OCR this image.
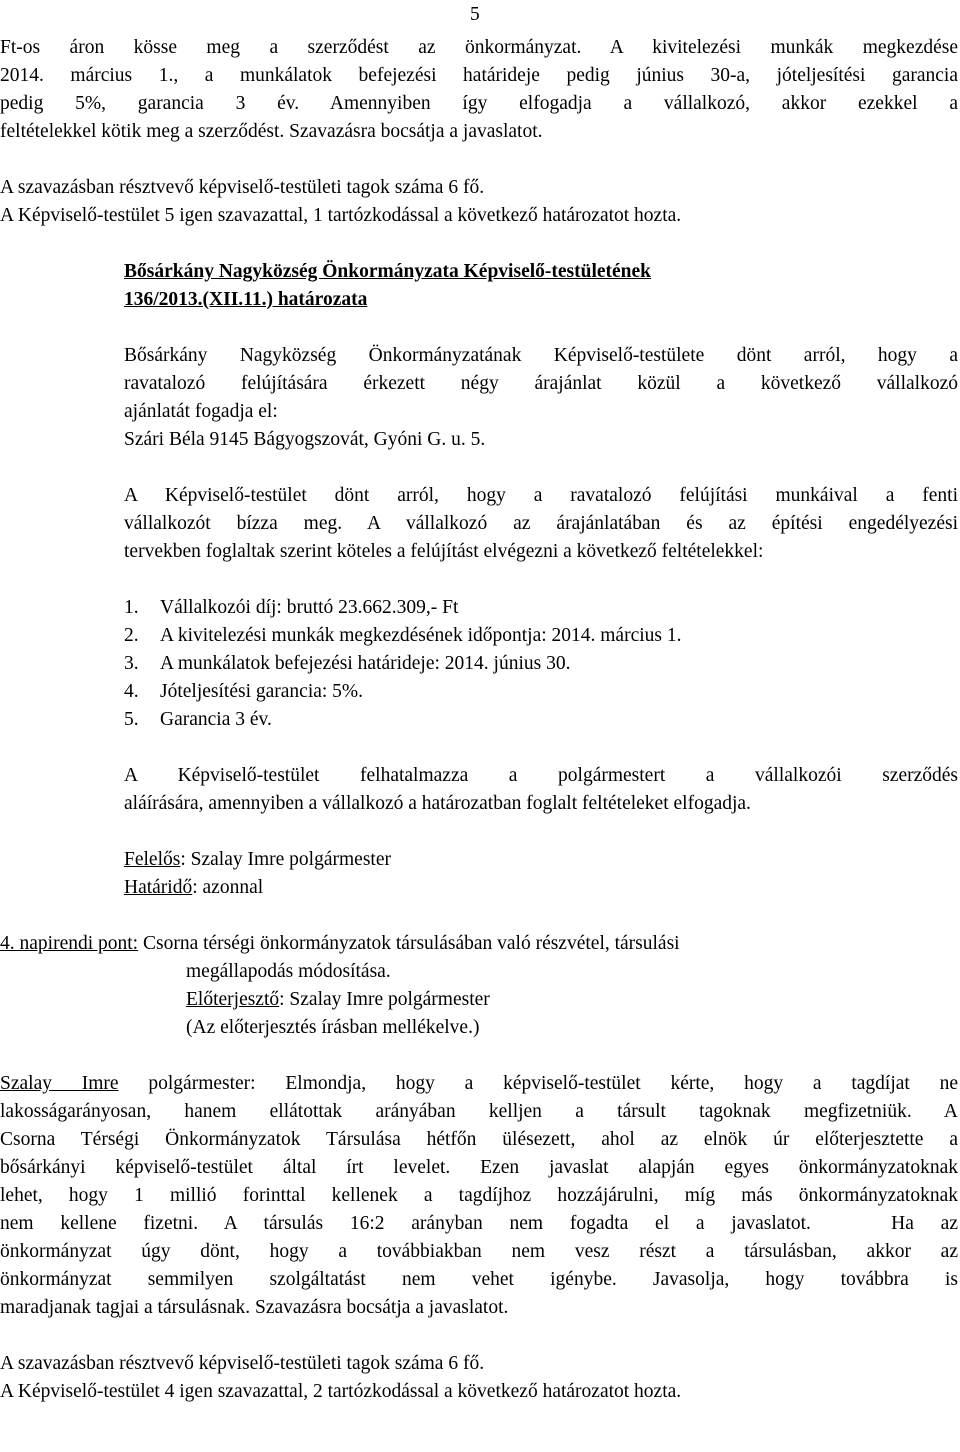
5
Ft-os áron kösse meg a szerződést az önkormányzat. A kivitelezési munkák megkezdése
2014. március 1., a munkálatok befejezési határideje pedig június 30-a, jóteljesítési garancia
pedig 5%, garancia 3 év. Amennyiben így elfogadja a vállalkozó, akkor ezekkel a
feltételekkel kötik meg a szerződést. Szavazásra bocsátja a javaslatot.
A szavazásban résztvevő képviselő-testületi tagok száma 6 fő.
A Képviselő-testület 5 igen szavazattal, 1 tartózkodással a következő határozatot hozta.
Bősárkány Nagyközség Önkormányzata Képviselő-testületének
136/2013.(XII.11.) határozata
Bősárkány Nagyközség Önkormányzatának Képviselő-testülete dönt arról, hogy a
ravatalozó felújítására érkezett négy árajánlat közül a következő vállalkozó
ajánlatát fogadja el:
Szári Béla 9145 Bágyogszovát, Gyóni G. u. 5.
A Képviselő-testület dönt arról, hogy a ravatalozó felújítási munkáival a fenti
vállalkozót bízza meg. A vállalkozó az árajánlatában és az építési engedélyezési
tervekben foglaltak szerint köteles a felújítást elvégezni a következő feltételekkel:
1. Vállalkozói díj: bruttó 23.662.309,- Ft
2. A kivitelezési munkák megkezdésének időpontja: 2014. március 1.
3. A munkálatok befejezési határideje: 2014. június 30.
4. Jóteljesítési garancia: 5%.
5. Garancia 3 év.
A Képviselő-testület felhatalmazza a polgármestert a vállalkozói szerződés
aláírására, amennyiben a vállalkozó a határozatban foglalt feltételeket elfogadja.
Felelős: Szalay Imre polgármester
Határidő: azonnal
4. napirendi pont: Csorna térségi önkormányzatok társulásában való részvétel, társulási
megállapodás módosítása.
Előterjesztő: Szalay Imre polgármester
(Az előterjesztés írásban mellékelve.)
Szalay Imre polgármester: Elmondja, hogy a képviselő-testület kérte, hogy a tagdíjat ne
lakosságarányosan, hanem ellátottak arányában kelljen a társult tagoknak megfizetniük. A
Csorna Térségi Önkormányzatok Társulása hétfőn ülésezett, ahol az elnök úr előterjesztette a
bősárkányi képviselő-testület által írt levelet. Ezen javaslat alapján egyes önkormányzatoknak
lehet, hogy 1 millió forinttal kellenek a tagdíjhoz hozzájárulni, míg más önkormányzatoknak
nem kellene fizetni. A társulás 16:2 arányban nem fogadta el a javaslatot.   Ha az
önkormányzat úgy dönt, hogy a továbbiakban nem vesz részt a társulásban, akkor az
önkormányzat semmilyen szolgáltatást nem vehet igénybe. Javasolja, hogy továbbra is
maradjanak tagjai a társulásnak. Szavazásra bocsátja a javaslatot.
A szavazásban résztvevő képviselő-testületi tagok száma 6 fő.
A Képviselő-testület 4 igen szavazattal, 2 tartózkodással a következő határozatot hozta.
